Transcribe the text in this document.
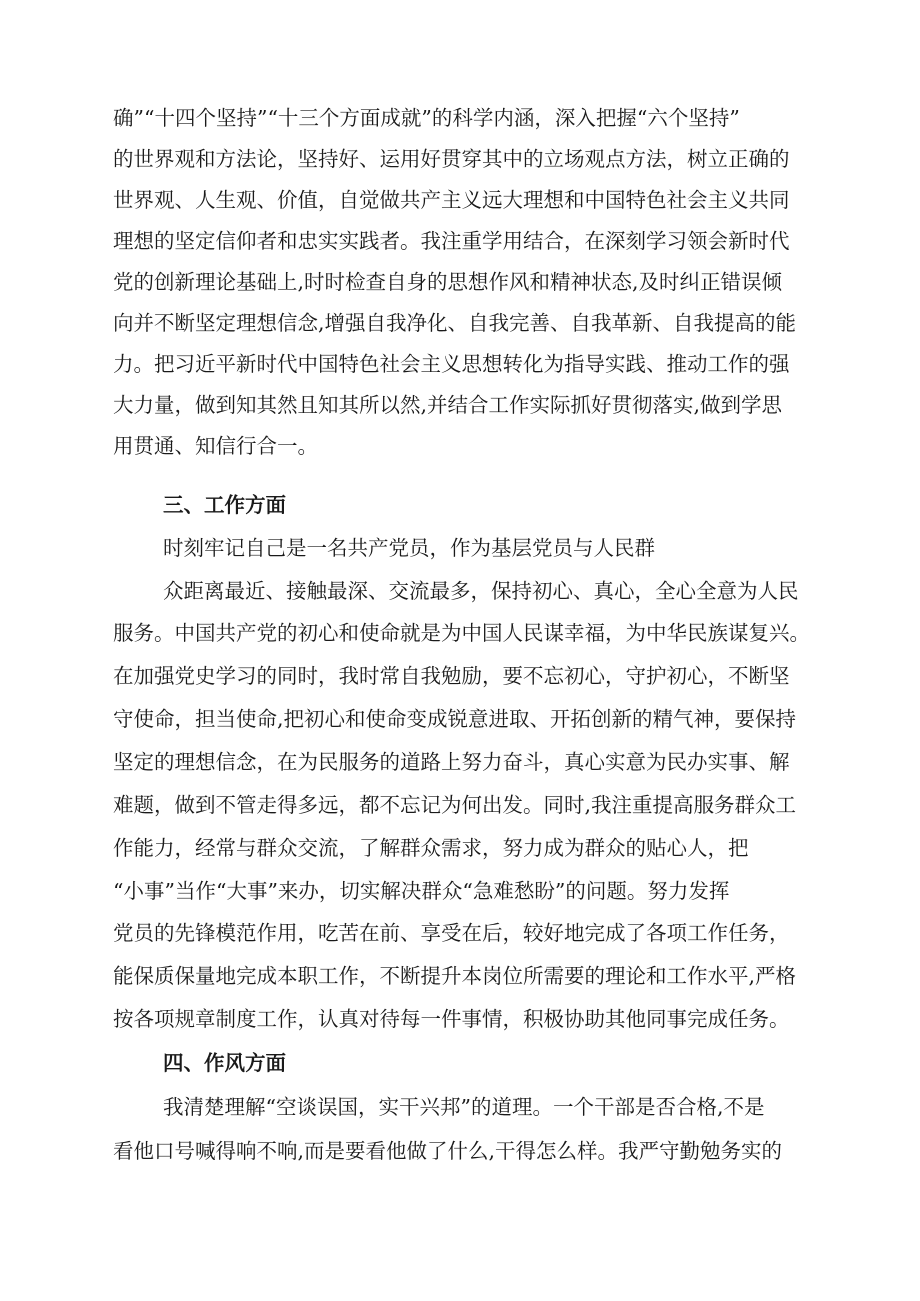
确”“十四个坚持”“十三个方面成就”的科学内涵，深入把握“六个坚持”
的世界观和方法论，坚持好、运用好贯穿其中的立场观点方法，树立正确的
世界观、人生观、价值，自觉做共产主义远大理想和中国特色社会主义共同
理想的坚定信仰者和忠实实践者。我注重学用结合，在深刻学习领会新时代
党的创新理论基础上,时时检查自身的思想作风和精神状态,及时纠正错误倾
向并不断坚定理想信念,增强自我净化、自我完善、自我革新、自我提高的能
力。把习近平新时代中国特色社会主义思想转化为指导实践、推动工作的强
大力量，做到知其然且知其所以然,并结合工作实际抓好贯彻落实,做到学思
用贯通、知信行合一。
三、工作方面
时刻牢记自己是一名共产党员，作为基层党员与人民群
众距离最近、接触最深、交流最多，保持初心、真心，全心全意为人民
服务。中国共产党的初心和使命就是为中国人民谋幸福，为中华民族谋复兴。
在加强党史学习的同时，我时常自我勉励，要不忘初心，守护初心，不断坚
守使命，担当使命,把初心和使命变成锐意进取、开拓创新的精气神，要保持
坚定的理想信念，在为民服务的道路上努力奋斗，真心实意为民办实事、解
难题，做到不管走得多远，都不忘记为何出发。同时,我注重提高服务群众工
作能力，经常与群众交流，了解群众需求，努力成为群众的贴心人，把
“小事”当作“大事”来办，切实解决群众“急难愁盼”的问题。努力发挥
党员的先锋模范作用，吃苦在前、享受在后，较好地完成了各项工作任务，
能保质保量地完成本职工作，不断提升本岗位所需要的理论和工作水平,严格
按各项规章制度工作，认真对待每一件事情，积极协助其他同事完成任务。
四、作风方面
我清楚理解“空谈误国，实干兴邦”的道理。一个干部是否合格,不是
看他口号喊得响不响,而是要看他做了什么,干得怎么样。我严守勤勉务实的
